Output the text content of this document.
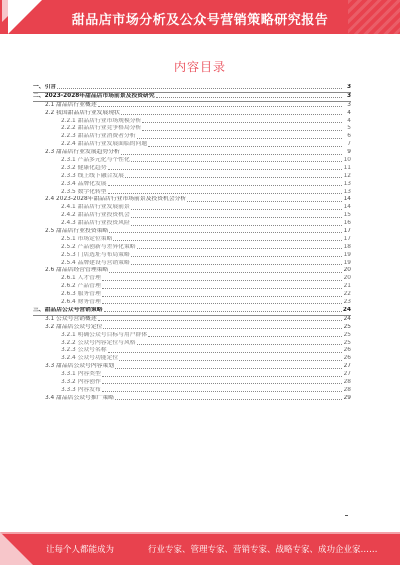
甜品店市场分析及公众号营销策略研究报告
内容目录
一、引言	3
二、2023-2028年甜品店市场前景及投资研究	3
2.1 甜品店行业概述	3
2.2 我国甜品店行业发展现状	4
2.2.1 甜品店行业市场规模分析	4
2.2.2 甜品店行业竞争格局分析	5
2.2.3 甜品店行业消费者分析	6
2.2.4 甜品店行业发展面临的问题	7
2.3 甜品店行业发展趋势分析	9
2.3.1 产品多元化与个性化	10
2.3.2 健康化趋势	11
2.3.3 线上线下融合发展	12
2.3.4 品牌化发展	13
2.3.5 数字化转型	13
2.4 2023-2028年甜品店行业市场前景及投资机会分析	14
2.4.1 甜品店行业发展前景	14
2.4.2 甜品店行业投资机会	15
2.4.3 甜品店行业投资风险	16
2.5 甜品店行业投资策略	17
2.5.1 市场定位策略	17
2.5.2 产品创新与差异化策略	18
2.5.3 门店选址与布局策略	19
2.5.4 品牌建设与营销策略	19
2.6 甜品店经营管理策略	20
2.6.1 人才管理	20
2.6.2 产品管理	21
2.6.3 服务管理	22
2.6.4 财务管理	23
三、甜品店公众号营销策略	24
3.1 公众号营销概述	24
3.2 甜品店公众号定位	25
3.2.1 明确公众号目标与用户群体	25
3.2.2 公众号内容定位与风格	25
3.2.3 公众号名称	26
3.2.4 公众号功能定位	26
3.3 甜品店公众号内容策划	27
3.3.1 内容类型	27
3.3.2 内容创作	28
3.3.3 内容发布	28
3.4 甜品店公众号推广策略	29
让每个人都能成为	行业专家、管理专家、营销专家、战略专家、成功企业家……
